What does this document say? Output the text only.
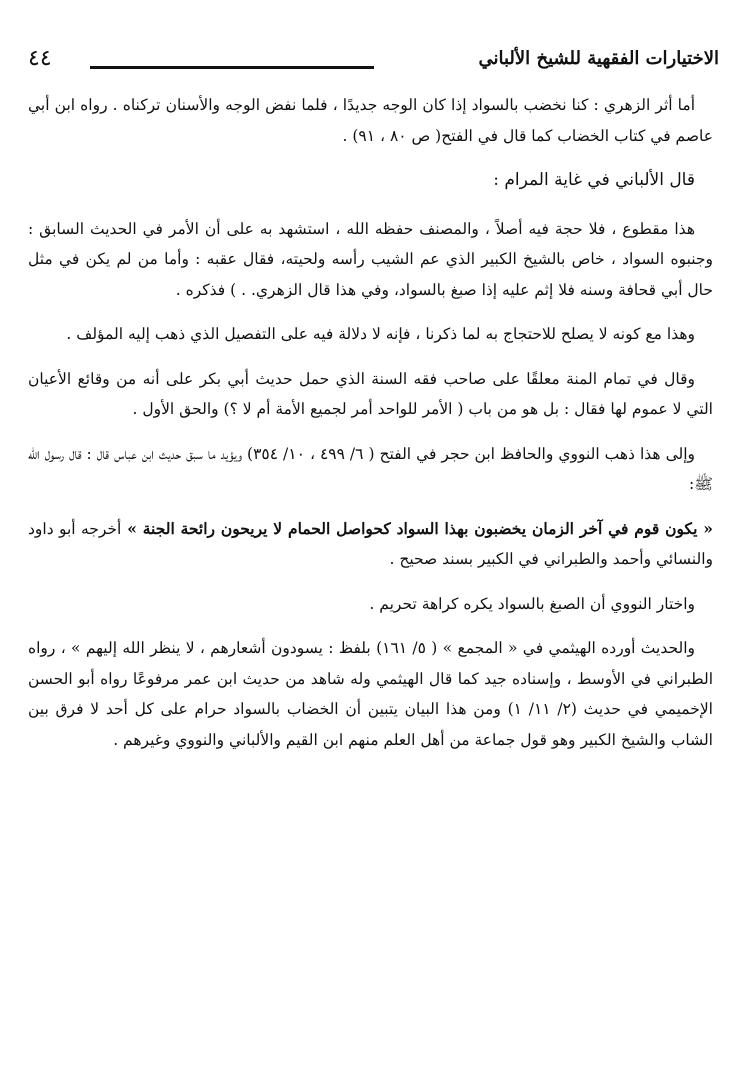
٤٤	الاختيارات الفقهية للشيخ الألباني

أما أثر الزهري : كنا نخضب بالسواد إذا كان الوجه جديدًا ، فلما نفض الوجه والأسنان تركناه . رواه ابن أبي عاصم في كتاب الخضاب كما قال في الفتح( ص ٨٠ ، ٩١) .

قال الألباني في غاية المرام :

هذا مقطوع ، فلا حجة فيه أصلاً ، والمصنف حفظه الله ، استشهد به على أن الأمر في الحديث السابق : وجنبوه السواد ، خاص بالشيخ الكبير الذي عم الشيب رأسه ولحيته، فقال عقبه : وأما من لم يكن في مثل حال أبي قحافة وسنه فلا إثم عليه إذا صبغ بالسواد، وفي هذا قال الزهري. . ) فذكره .

وهذا مع كونه لا يصلح للاحتجاج به لما ذكرنا ، فإنه لا دلالة فيه على التفصيل الذي ذهب إليه المؤلف .

وقال في تمام المنة معلقًا على صاحب فقه السنة الذي حمل حديث أبي بكر على أنه من وقائع الأعيان التي لا عموم لها فقال : بل هو من باب ( الأمر للواحد أمر لجميع الأمة أم لا ؟) والحق الأول .

وإلى هذا ذهب النووي والحافظ ابن حجر في الفتح ( ٦/ ٤٩٩ ، ١٠/ ٣٥٤) ويؤيد ما سبق حديث ابن عباس قال : قال رسول الله ﷺ:

« يكون قوم في آخر الزمان يخضبون بهذا السواد كحواصل الحمام لا يريحون رائحة الجنة » أخرجه أبو داود والنسائي وأحمد والطبراني في الكبير بسند صحيح .

واختار النووي أن الصبغ بالسواد يكره كراهة تحريم .

والحديث أورده الهيثمي في « المجمع » ( ٥/ ١٦١) بلفظ : يسودون أشعارهم ، لا ينظر الله إليهم » ، رواه الطبراني في الأوسط ، وإسناده جيد كما قال الهيثمي وله شاهد من حديث ابن عمر مرفوعًا رواه أبو الحسن الإخميمي في حديث (٢/ ١١/ ١) ومن هذا البيان يتبين أن الخضاب بالسواد حرام على كل أحد لا فرق بين الشاب والشيخ الكبير وهو قول جماعة من أهل العلم منهم ابن القيم والألباني والنووي وغيرهم .
